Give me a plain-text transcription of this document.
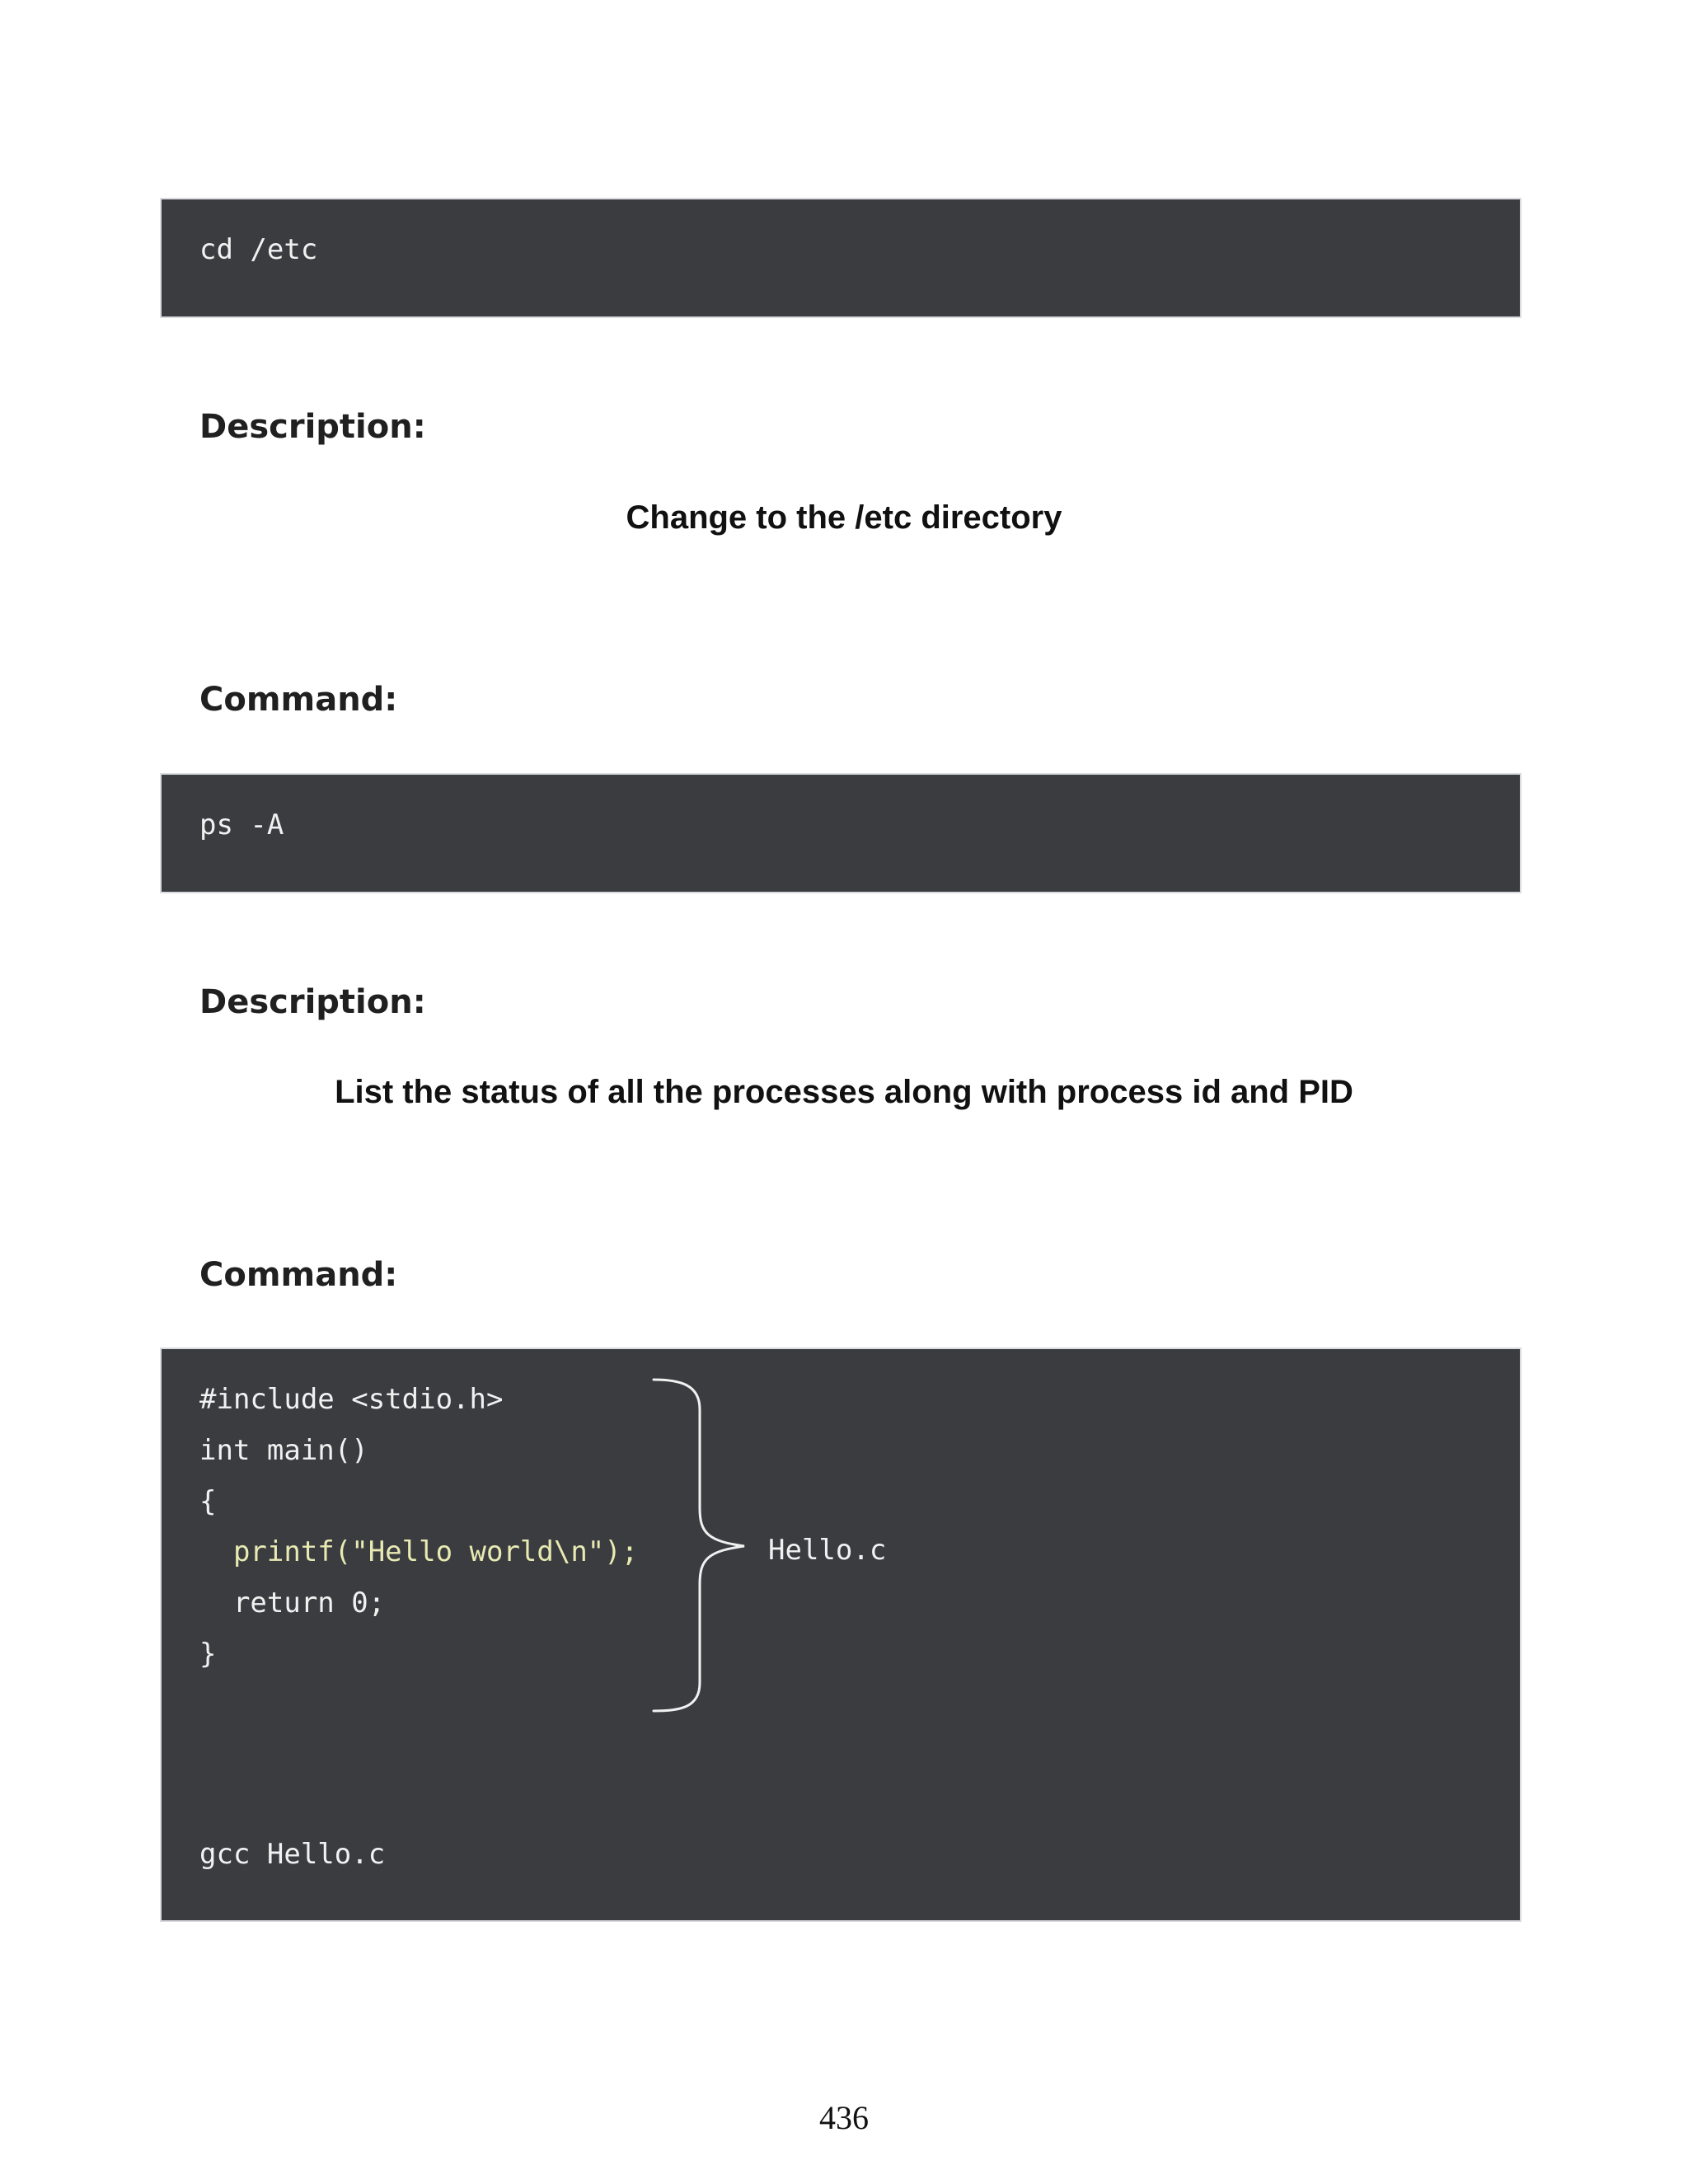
cd /etc
Description:
Change to the /etc directory
Command:
ps -A
Description:
List the status of all the processes along with process id and PID
Command:
#include <stdio.h>
int main()
{
printf("Hello world\n");
return 0;
}
Hello.c
gcc Hello.c
436
